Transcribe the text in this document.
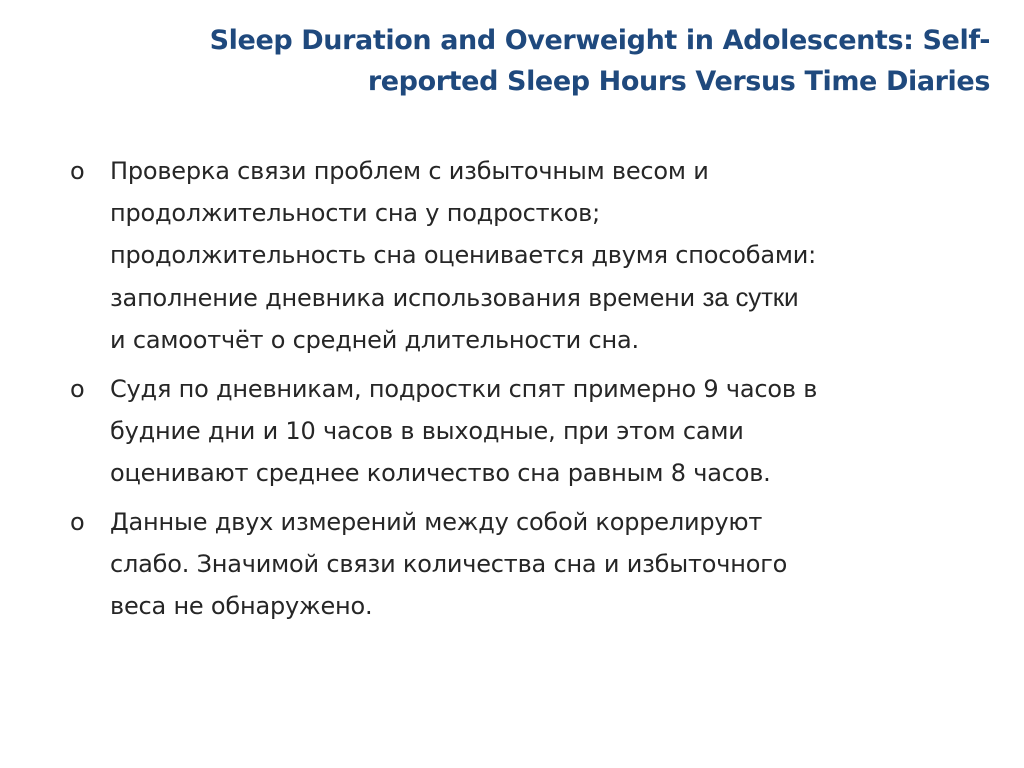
Sleep Duration and Overweight in Adolescents: Self-
reported Sleep Hours Versus Time Diaries
o Проверка связи проблем с избыточным весом и
продолжительности сна у подростков;
продолжительность сна оценивается двумя способами:
заполнение дневника использования времени за сутки
и самоотчёт о средней длительности сна.
o Судя по дневникам, подростки спят примерно 9 часов в
будние дни и 10 часов в выходные, при этом сами
оценивают среднее количество сна равным 8 часов.
o Данные двух измерений между собой коррелируют
слабо. Значимой связи количества сна и избыточного
веса не обнаружено.
